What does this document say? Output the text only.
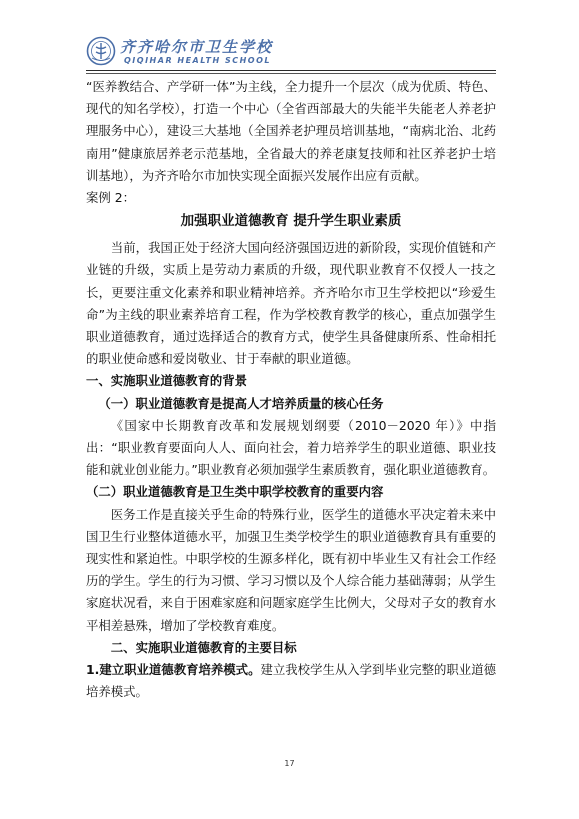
齐齐哈尔市卫生学校
QIQIHAR HEALTH SCHOOL

“医养教结合、产学研一体”为主线，全力提升一个层次（成为优质、特色、现代的知名学校），打造一个中心（全省西部最大的失能半失能老人养老护理服务中心），建设三大基地（全国养老护理员培训基地，“南病北治、北药南用”健康旅居养老示范基地，全省最大的养老康复技师和社区养老护士培训基地），为齐齐哈尔市加快实现全面振兴发展作出应有贡献。

案例 2：

加强职业道德教育 提升学生职业素质

当前，我国正处于经济大国向经济强国迈进的新阶段，实现价值链和产业链的升级，实质上是劳动力素质的升级，现代职业教育不仅授人一技之长，更要注重文化素养和职业精神培养。齐齐哈尔市卫生学校把以“珍爱生命”为主线的职业素养培育工程，作为学校教育教学的核心，重点加强学生职业道德教育，通过选择适合的教育方式，使学生具备健康所系、性命相托的职业使命感和爱岗敬业、甘于奉献的职业道德。

一、实施职业道德教育的背景

（一）职业道德教育是提高人才培养质量的核心任务

《国家中长期教育改革和发展规划纲要（2010－2020 年）》中指出：“职业教育要面向人人、面向社会，着力培养学生的职业道德、职业技能和就业创业能力。”职业教育必须加强学生素质教育，强化职业道德教育。

（二）职业道德教育是卫生类中职学校教育的重要内容

医务工作是直接关乎生命的特殊行业，医学生的道德水平决定着未来中国卫生行业整体道德水平，加强卫生类学校学生的职业道德教育具有重要的现实性和紧迫性。中职学校的生源多样化，既有初中毕业生又有社会工作经历的学生。学生的行为习惯、学习习惯以及个人综合能力基础薄弱；从学生家庭状况看，来自于困难家庭和问题家庭学生比例大，父母对子女的教育水平相差悬殊，增加了学校教育难度。

二、实施职业道德教育的主要目标

1.建立职业道德教育培养模式。建立我校学生从入学到毕业完整的职业道德培养模式。

17
